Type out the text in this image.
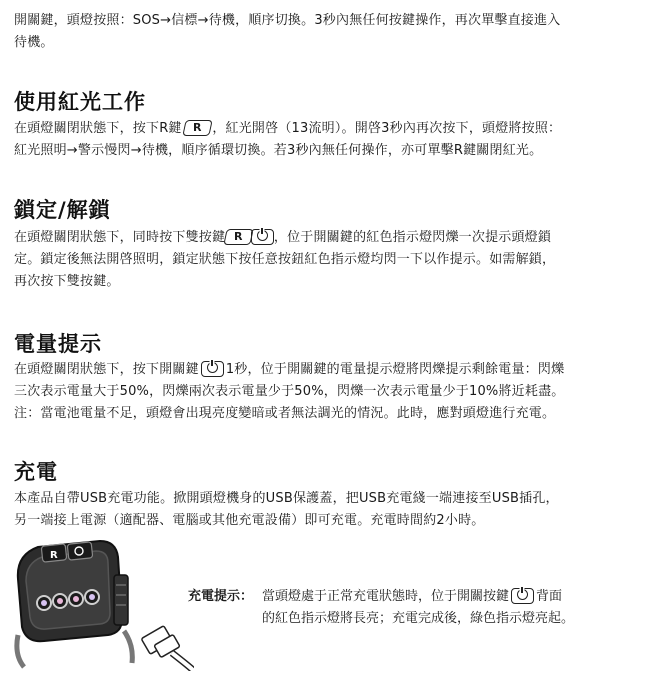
開關鍵，頭燈按照：SOS→信標→待機，順序切換。3秒內無任何按鍵操作，再次單擊直接進入
待機。

使用紅光工作

在頭燈關閉狀態下，按下R鍵 R ，紅光開啓（13流明）。開啓3秒內再次按下，頭燈將按照：
紅光照明→警示慢閃→待機，順序循環切換。若3秒內無任何操作，亦可單擊R鍵關閉紅光。

鎖定/解鎖

在頭燈關閉狀態下，同時按下雙按鍵 R	，位于開關鍵的紅色指示燈閃爍一次提示頭燈鎖
定。鎖定後無法開啓照明，鎖定狀態下按任意按鈕紅色指示燈均閃一下以作提示。如需解鎖，
再次按下雙按鍵。

電量提示

在頭燈關閉狀態下，按下開關鍵 1秒，位于開關鍵的電量提示燈將閃爍提示剩餘電量：閃爍
三次表示電量大于50%，閃爍兩次表示電量少于50%，閃爍一次表示電量少于10%將近耗盡。
注：當電池電量不足，頭燈會出現亮度變暗或者無法調光的情況。此時，應對頭燈進行充電。

充電

本產品自帶USB充電功能。掀開頭燈機身的USB保護蓋，把USB充電綫一端連接至USB插孔，
另一端接上電源（適配器、電腦或其他充電設備）即可充電。充電時間約2小時。

R
充電提示： 當頭燈處于正常充電狀態時，位于開關按鍵 背面
的紅色指示燈將長亮；充電完成後，綠色指示燈亮起。
